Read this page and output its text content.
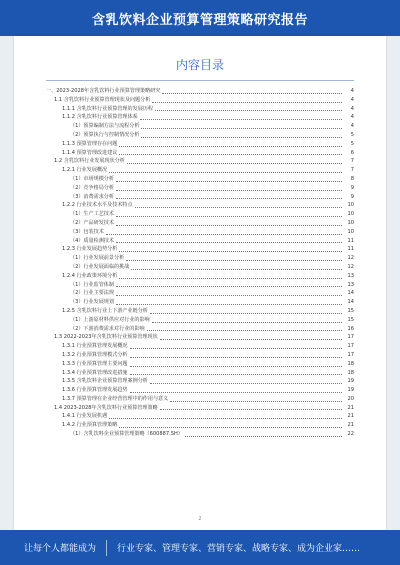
含乳饮料企业预算管理策略研究报告
内容目录
一、2023-2028年含乳饮料行业预算管理策略研究	4
1.1 含乳饮料行业预算管理现状及问题分析	4
1.1.1 含乳饮料行业预算管理的发展历程	4
1.1.2 含乳饮料行业预算管理体系	4
（1）预算编制方法与流程分析	4
（2）预算执行与控制情况分析	5
1.1.3 预算管理存在问题	5
1.1.4 预算管理改进建议	6
1.2 含乳饮料行业发展现状分析	7
1.2.1 行业发展概况	7
（1）市场规模分析	8
（2）竞争格局分析	9
（3）消费需求分析	9
1.2.2 行业技术水平及技术特点	10
（1）生产工艺技术	10
（2）产品研发技术	10
（3）包装技术	10
（4）质量检测技术	11
1.2.3 行业发展趋势分析	11
（1）行业发展前景分析	12
（2）行业发展面临的挑战	12
1.2.4 行业政策环境分析	13
（1）行业监管体制	13
（2）行业主要法规	14
（3）行业发展规划	14
1.2.5 含乳饮料行业上下游产业链分析	15
（1）上游原材料供应对行业的影响	15
（2）下游消费需求对行业的影响	16
1.3 2022-2023年含乳饮料行业预算管理现状	17
1.3.1 行业预算管理发展概况	17
1.3.2 行业预算管理模式分析	17
1.3.3 行业预算管理主要问题	18
1.3.4 行业预算管理改进措施	18
1.3.5 含乳饮料企业预算管理案例分析	19
1.3.6 行业预算管理发展趋势	19
1.3.7 预算管理在企业经营管理中的作用与意义	20
1.4 2023-2028年含乳饮料行业预算管理策略	21
1.4.1 行业发展机遇	21
1.4.2 行业预算管理策略	21
（1）含乳饮料企业预算管理策略（600887.SH）	22
2
让每个人都能成为	行业专家、管理专家、营销专家、战略专家、成为企业家……
